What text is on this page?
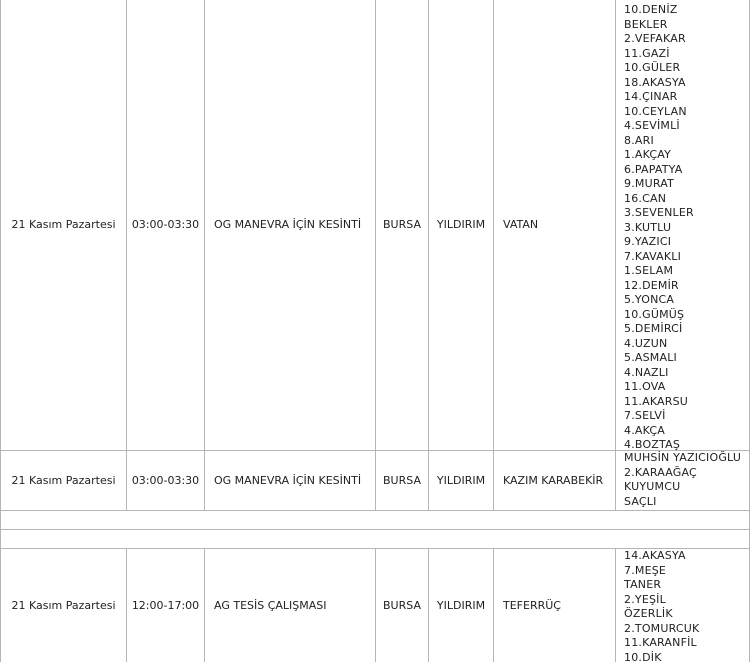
21 Kasım Pazartesi	03:00-03:30	OG MANEVRA İÇİN KESİNTİ	BURSA	YILDIRIM	VATAN
10.DENİZ
BEKLER
2.VEFAKAR
11.GAZİ
10.GÜLER
18.AKASYA
14.ÇINAR
10.CEYLAN
4.SEVİMLİ
8.ARI
1.AKÇAY
6.PAPATYA
9.MURAT
16.CAN
3.SEVENLER
3.KUTLU
9.YAZICI
7.KAVAKLI
1.SELAM
12.DEMİR
5.YONCA
10.GÜMÜŞ
5.DEMİRCİ
4.UZUN
5.ASMALI
4.NAZLI
11.OVA
11.AKARSU
7.SELVİ
4.AKÇA
4.BOZTAŞ
21 Kasım Pazartesi	03:00-03:30	OG MANEVRA İÇİN KESİNTİ	BURSA	YILDIRIM	KAZIM KARABEKİR
MUHSİN YAZICIOĞLU
2.KARAAĞAÇ
KUYUMCU
SAÇLI
21 Kasım Pazartesi	12:00-17:00	AG TESİS ÇALIŞMASI	BURSA	YILDIRIM	TEFERRÜÇ
14.AKASYA
7.MEŞE
TANER
2.YEŞİL
ÖZERLİK
2.TOMURCUK
11.KARANFİL
10.DİK
